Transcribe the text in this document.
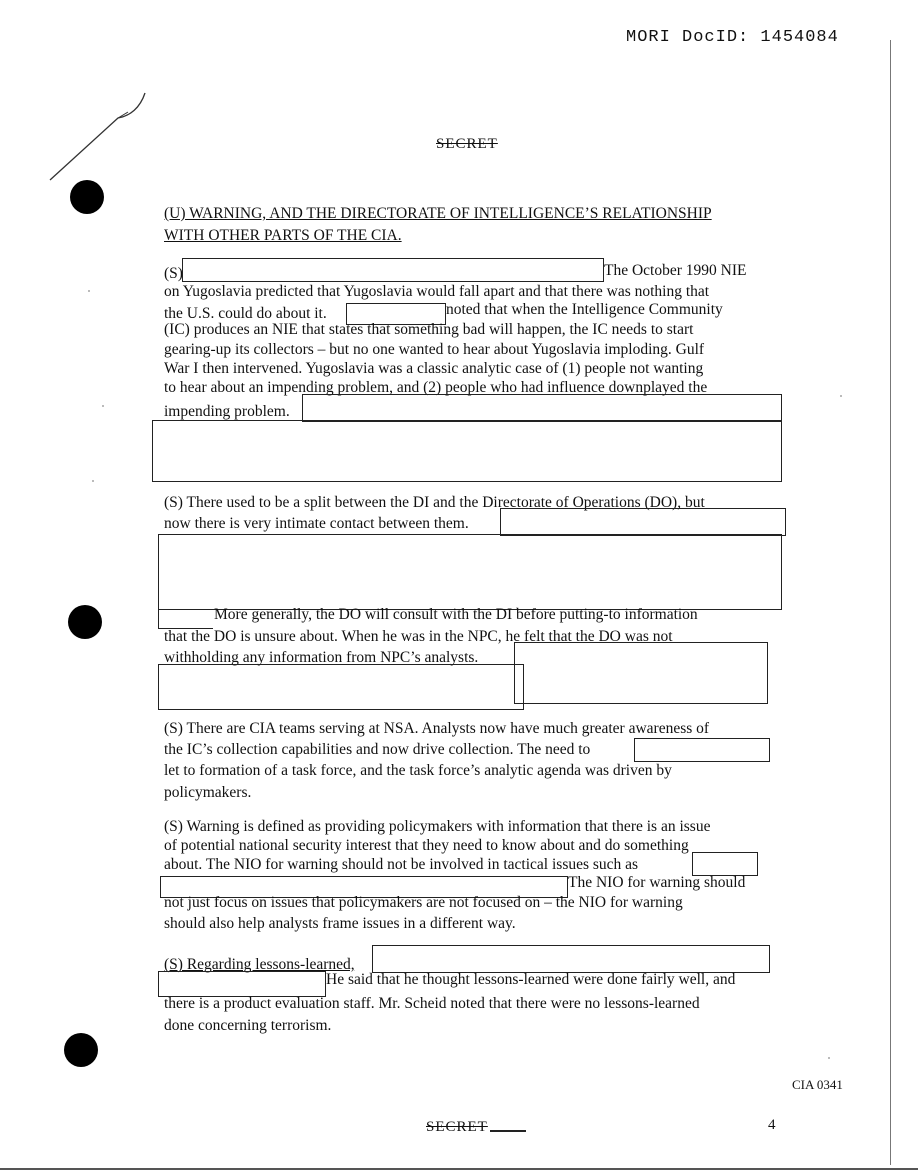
MORI DocID: 1454084
SECRET
(U) WARNING, AND THE DIRECTORATE OF INTELLIGENCE’S RELATIONSHIP
WITH OTHER PARTS OF THE CIA.
(S)	The October 1990 NIE
on Yugoslavia predicted that Yugoslavia would fall apart and that there was nothing that
the U.S. could do about it.	noted that when the Intelligence Community
(IC) produces an NIE that states that something bad will happen, the IC needs to start
gearing-up its collectors – but no one wanted to hear about Yugoslavia imploding. Gulf
War I then intervened. Yugoslavia was a classic analytic case of (1) people not wanting
to hear about an impending problem, and (2) people who had influence downplayed the
impending problem.
(S) There used to be a split between the DI and the Directorate of Operations (DO), but
now there is very intimate contact between them.
More generally, the DO will consult with the DI before putting-to information
that the DO is unsure about. When he was in the NPC, he felt that the DO was not
withholding any information from NPC’s analysts.
(S) There are CIA teams serving at NSA. Analysts now have much greater awareness of
the IC’s collection capabilities and now drive collection. The need to
let to formation of a task force, and the task force’s analytic agenda was driven by
policymakers.
(S) Warning is defined as providing policymakers with information that there is an issue
of potential national security interest that they need to know about and do something
about. The NIO for warning should not be involved in tactical issues such as
The NIO for warning should
not just focus on issues that policymakers are not focused on – the NIO for warning
should also help analysts frame issues in a different way.
(S) Regarding lessons-learned,
He said that he thought lessons-learned were done fairly well, and
there is a product evaluation staff. Mr. Scheid noted that there were no lessons-learned
done concerning terrorism.
CIA 0341
SECRET	4
